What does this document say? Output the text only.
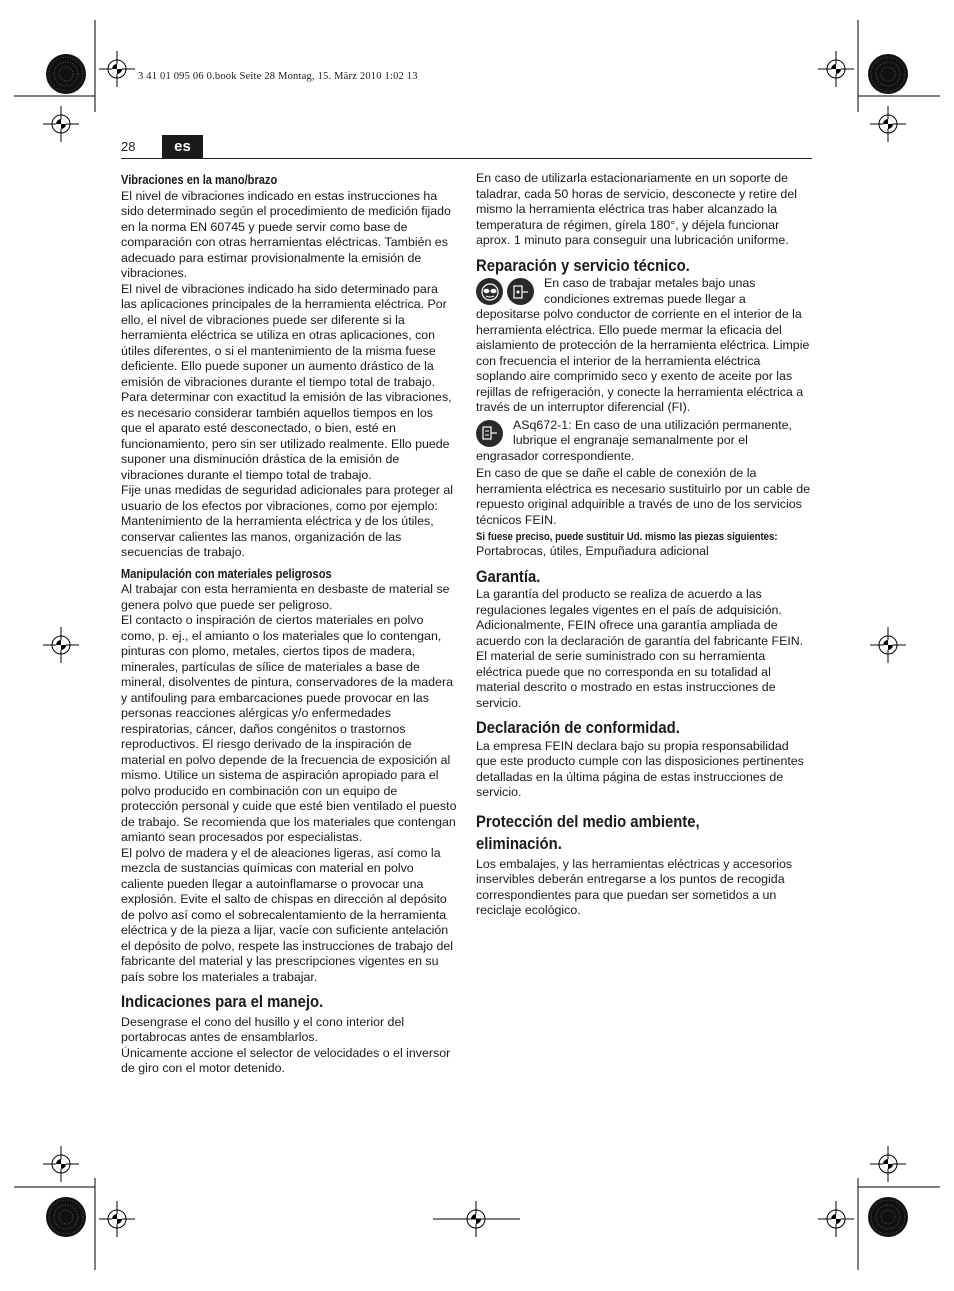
3 41 01 095 06 0.book Seite 28 Montag, 15. März 2010 1:02 13
28	es
Vibraciones en la mano/brazo

El nivel de vibraciones indicado en estas instrucciones ha sido determinado según el procedimiento de medición fijado en la norma EN 60745 y puede servir como base de comparación con otras herramientas eléctricas. También es adecuado para estimar provisionalmente la emisión de vibraciones.

El nivel de vibraciones indicado ha sido determinado para las aplicaciones principales de la herramienta eléctrica. Por ello, el nivel de vibraciones puede ser diferente si la herramienta eléctrica se utiliza en otras aplicaciones, con útiles diferentes, o si el mantenimiento de la misma fuese deficiente. Ello puede suponer un aumento drástico de la emisión de vibraciones durante el tiempo total de trabajo.

Para determinar con exactitud la emisión de las vibraciones, es necesario considerar también aquellos tiempos en los que el aparato esté desconectado, o bien, esté en funcionamiento, pero sin ser utilizado realmente. Ello puede suponer una disminución drástica de la emisión de vibraciones durante el tiempo total de trabajo.

Fije unas medidas de seguridad adicionales para proteger al usuario de los efectos por vibraciones, como por ejemplo: Mantenimiento de la herramienta eléctrica y de los útiles, conservar calientes las manos, organización de las secuencias de trabajo.

Manipulación con materiales peligrosos

Al trabajar con esta herramienta en desbaste de material se genera polvo que puede ser peligroso.

El contacto o inspiración de ciertos materiales en polvo como, p. ej., el amianto o los materiales que lo contengan, pinturas con plomo, metales, ciertos tipos de madera, minerales, partículas de sílice de materiales a base de mineral, disolventes de pintura, conservadores de la madera y antifouling para embarcaciones puede provocar en las personas reacciones alérgicas y/o enfermedades respiratorias, cáncer, daños congénitos o trastornos reproductivos. El riesgo derivado de la inspiración de material en polvo depende de la frecuencia de exposición al mismo. Utilice un sistema de aspiración apropiado para el polvo producido en combinación con un equipo de protección personal y cuide que esté bien ventilado el puesto de trabajo. Se recomienda que los materiales que contengan amianto sean procesados por especialistas.

El polvo de madera y el de aleaciones ligeras, así como la mezcla de sustancias químicas con material en polvo caliente pueden llegar a autoinflamarse o provocar una explosión. Evite el salto de chispas en dirección al depósito de polvo así como el sobrecalentamiento de la herramienta eléctrica y de la pieza a lijar, vacíe con suficiente antelación el depósito de polvo, respete las instrucciones de trabajo del fabricante del material y las prescripciones vigentes en su país sobre los materiales a trabajar.

Indicaciones para el manejo.

Desengrase el cono del husillo y el cono interior del portabrocas antes de ensamblarlos.

Únicamente accione el selector de velocidades o el inversor de giro con el motor detenido.

En caso de utilizarla estacionariamente en un soporte de taladrar, cada 50 horas de servicio, desconecte y retire del mismo la herramienta eléctrica tras haber alcanzado la temperatura de régimen, gírela 180°, y déjela funcionar aprox. 1 minuto para conseguir una lubricación uniforme.

Reparación y servicio técnico.

En caso de trabajar metales bajo unas condiciones extremas puede llegar a depositarse polvo conductor de corriente en el interior de la herramienta eléctrica. Ello puede mermar la eficacia del aislamiento de protección de la herramienta eléctrica. Limpie con frecuencia el interior de la herramienta eléctrica soplando aire comprimido seco y exento de aceite por las rejillas de refrigeración, y conecte la herramienta eléctrica a través de un interruptor diferencial (FI).

ASq672-1: En caso de una utilización permanente, lubrique el engranaje semanalmente por el engrasador correspondiente.

En caso de que se dañe el cable de conexión de la herramienta eléctrica es necesario sustituirlo por un cable de repuesto original adquirible a través de uno de los servicios técnicos FEIN.

Si fuese preciso, puede sustituir Ud. mismo las piezas siguientes:

Portabrocas, útiles, Empuñadura adicional

Garantía.

La garantía del producto se realiza de acuerdo a las regulaciones legales vigentes en el país de adquisición. Adicionalmente, FEIN ofrece una garantía ampliada de acuerdo con la declaración de garantía del fabricante FEIN.

El material de serie suministrado con su herramienta eléctrica puede que no corresponda en su totalidad al material descrito o mostrado en estas instrucciones de servicio.

Declaración de conformidad.

La empresa FEIN declara bajo su propia responsabilidad que este producto cumple con las disposiciones pertinentes detalladas en la última página de estas instrucciones de servicio.

Protección del medio ambiente, eliminación.

Los embalajes, y las herramientas eléctricas y accesorios inservibles deberán entregarse a los puntos de recogida correspondientes para que puedan ser sometidos a un reciclaje ecológico.
